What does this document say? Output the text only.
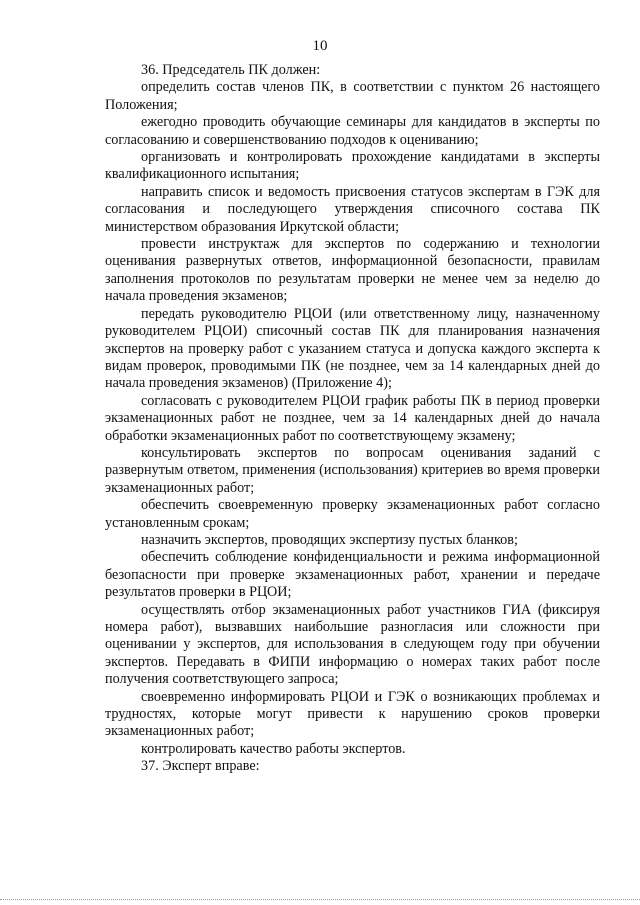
10

36. Председатель ПК должен:

определить состав членов ПК, в соответствии с пунктом 26 настоящего Положения;

ежегодно проводить обучающие семинары для кандидатов в эксперты по согласованию и совершенствованию подходов к оцениванию;

организовать и контролировать прохождение кандидатами в эксперты квалификационного испытания;

направить список и ведомость присвоения статусов экспертам в ГЭК для согласования и последующего утверждения списочного состава ПК министерством образования Иркутской области;

провести инструктаж для экспертов по содержанию и технологии оценивания развернутых ответов, информационной безопасности, правилам заполнения протоколов по результатам проверки не менее чем за неделю до начала проведения экзаменов;

передать руководителю РЦОИ (или ответственному лицу, назначенному руководителем РЦОИ) списочный состав ПК для планирования назначения экспертов на проверку работ с указанием статуса и допуска каждого эксперта к видам проверок, проводимыми ПК (не позднее, чем за 14 календарных дней до начала проведения экзаменов) (Приложение 4);

согласовать с руководителем РЦОИ график работы ПК в период проверки экзаменационных работ не позднее, чем за 14 календарных дней до начала обработки экзаменационных работ по соответствующему экзамену;

консультировать экспертов по вопросам оценивания заданий с развернутым ответом, применения (использования) критериев во время проверки экзаменационных работ;

обеспечить своевременную проверку экзаменационных работ согласно установленным срокам;

назначить экспертов, проводящих экспертизу пустых бланков;

обеспечить соблюдение конфиденциальности и режима информационной безопасности при проверке экзаменационных работ, хранении и передаче результатов проверки в РЦОИ;

осуществлять отбор экзаменационных работ участников ГИА (фиксируя номера работ), вызвавших наибольшие разногласия или сложности при оценивании у экспертов, для использования в следующем году при обучении экспертов. Передавать в ФИПИ информацию о номерах таких работ после получения соответствующего запроса;

своевременно информировать РЦОИ и ГЭК о возникающих проблемах и трудностях, которые могут привести к нарушению сроков проверки экзаменационных работ;

контролировать качество работы экспертов.

37. Эксперт вправе:
